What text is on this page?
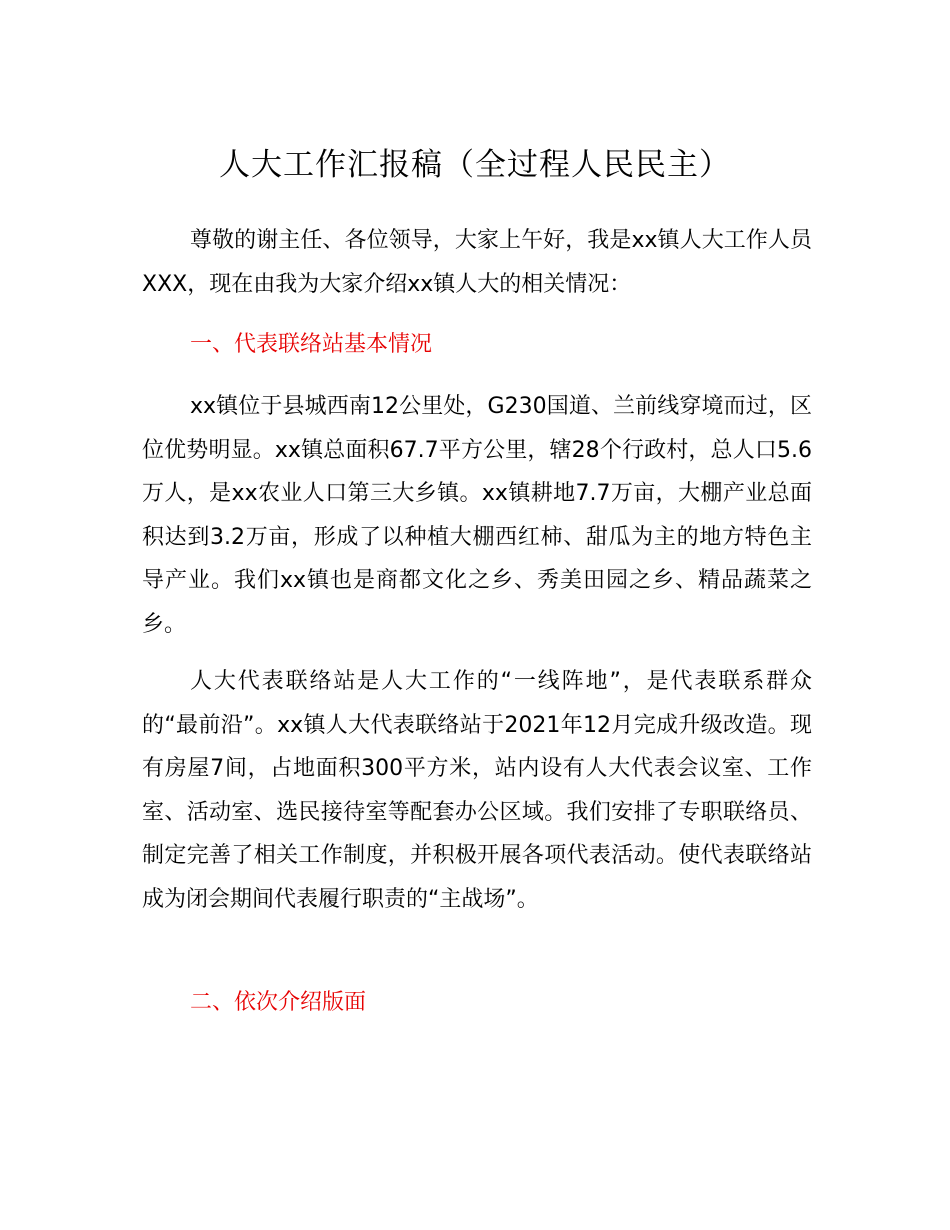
人大工作汇报稿（全过程人民民主）

尊敬的谢主任、各位领导，大家上午好，我是xx镇人大工作人员XXX，现在由我为大家介绍xx镇人大的相关情况：

一、代表联络站基本情况

xx镇位于县城西南12公里处，G230国道、兰前线穿境而过，区位优势明显。xx镇总面积67.7平方公里，辖28个行政村，总人口5.6万人，是xx农业人口第三大乡镇。xx镇耕地7.7万亩，大棚产业总面积达到3.2万亩，形成了以种植大棚西红柿、甜瓜为主的地方特色主导产业。我们xx镇也是商都文化之乡、秀美田园之乡、精品蔬菜之乡。

人大代表联络站是人大工作的“一线阵地”，是代表联系群众的“最前沿”。xx镇人大代表联络站于2021年12月完成升级改造。现有房屋7间，占地面积300平方米，站内设有人大代表会议室、工作室、活动室、选民接待室等配套办公区域。我们安排了专职联络员、制定完善了相关工作制度，并积极开展各项代表活动。使代表联络站成为闭会期间代表履行职责的“主战场”。

二、依次介绍版面
